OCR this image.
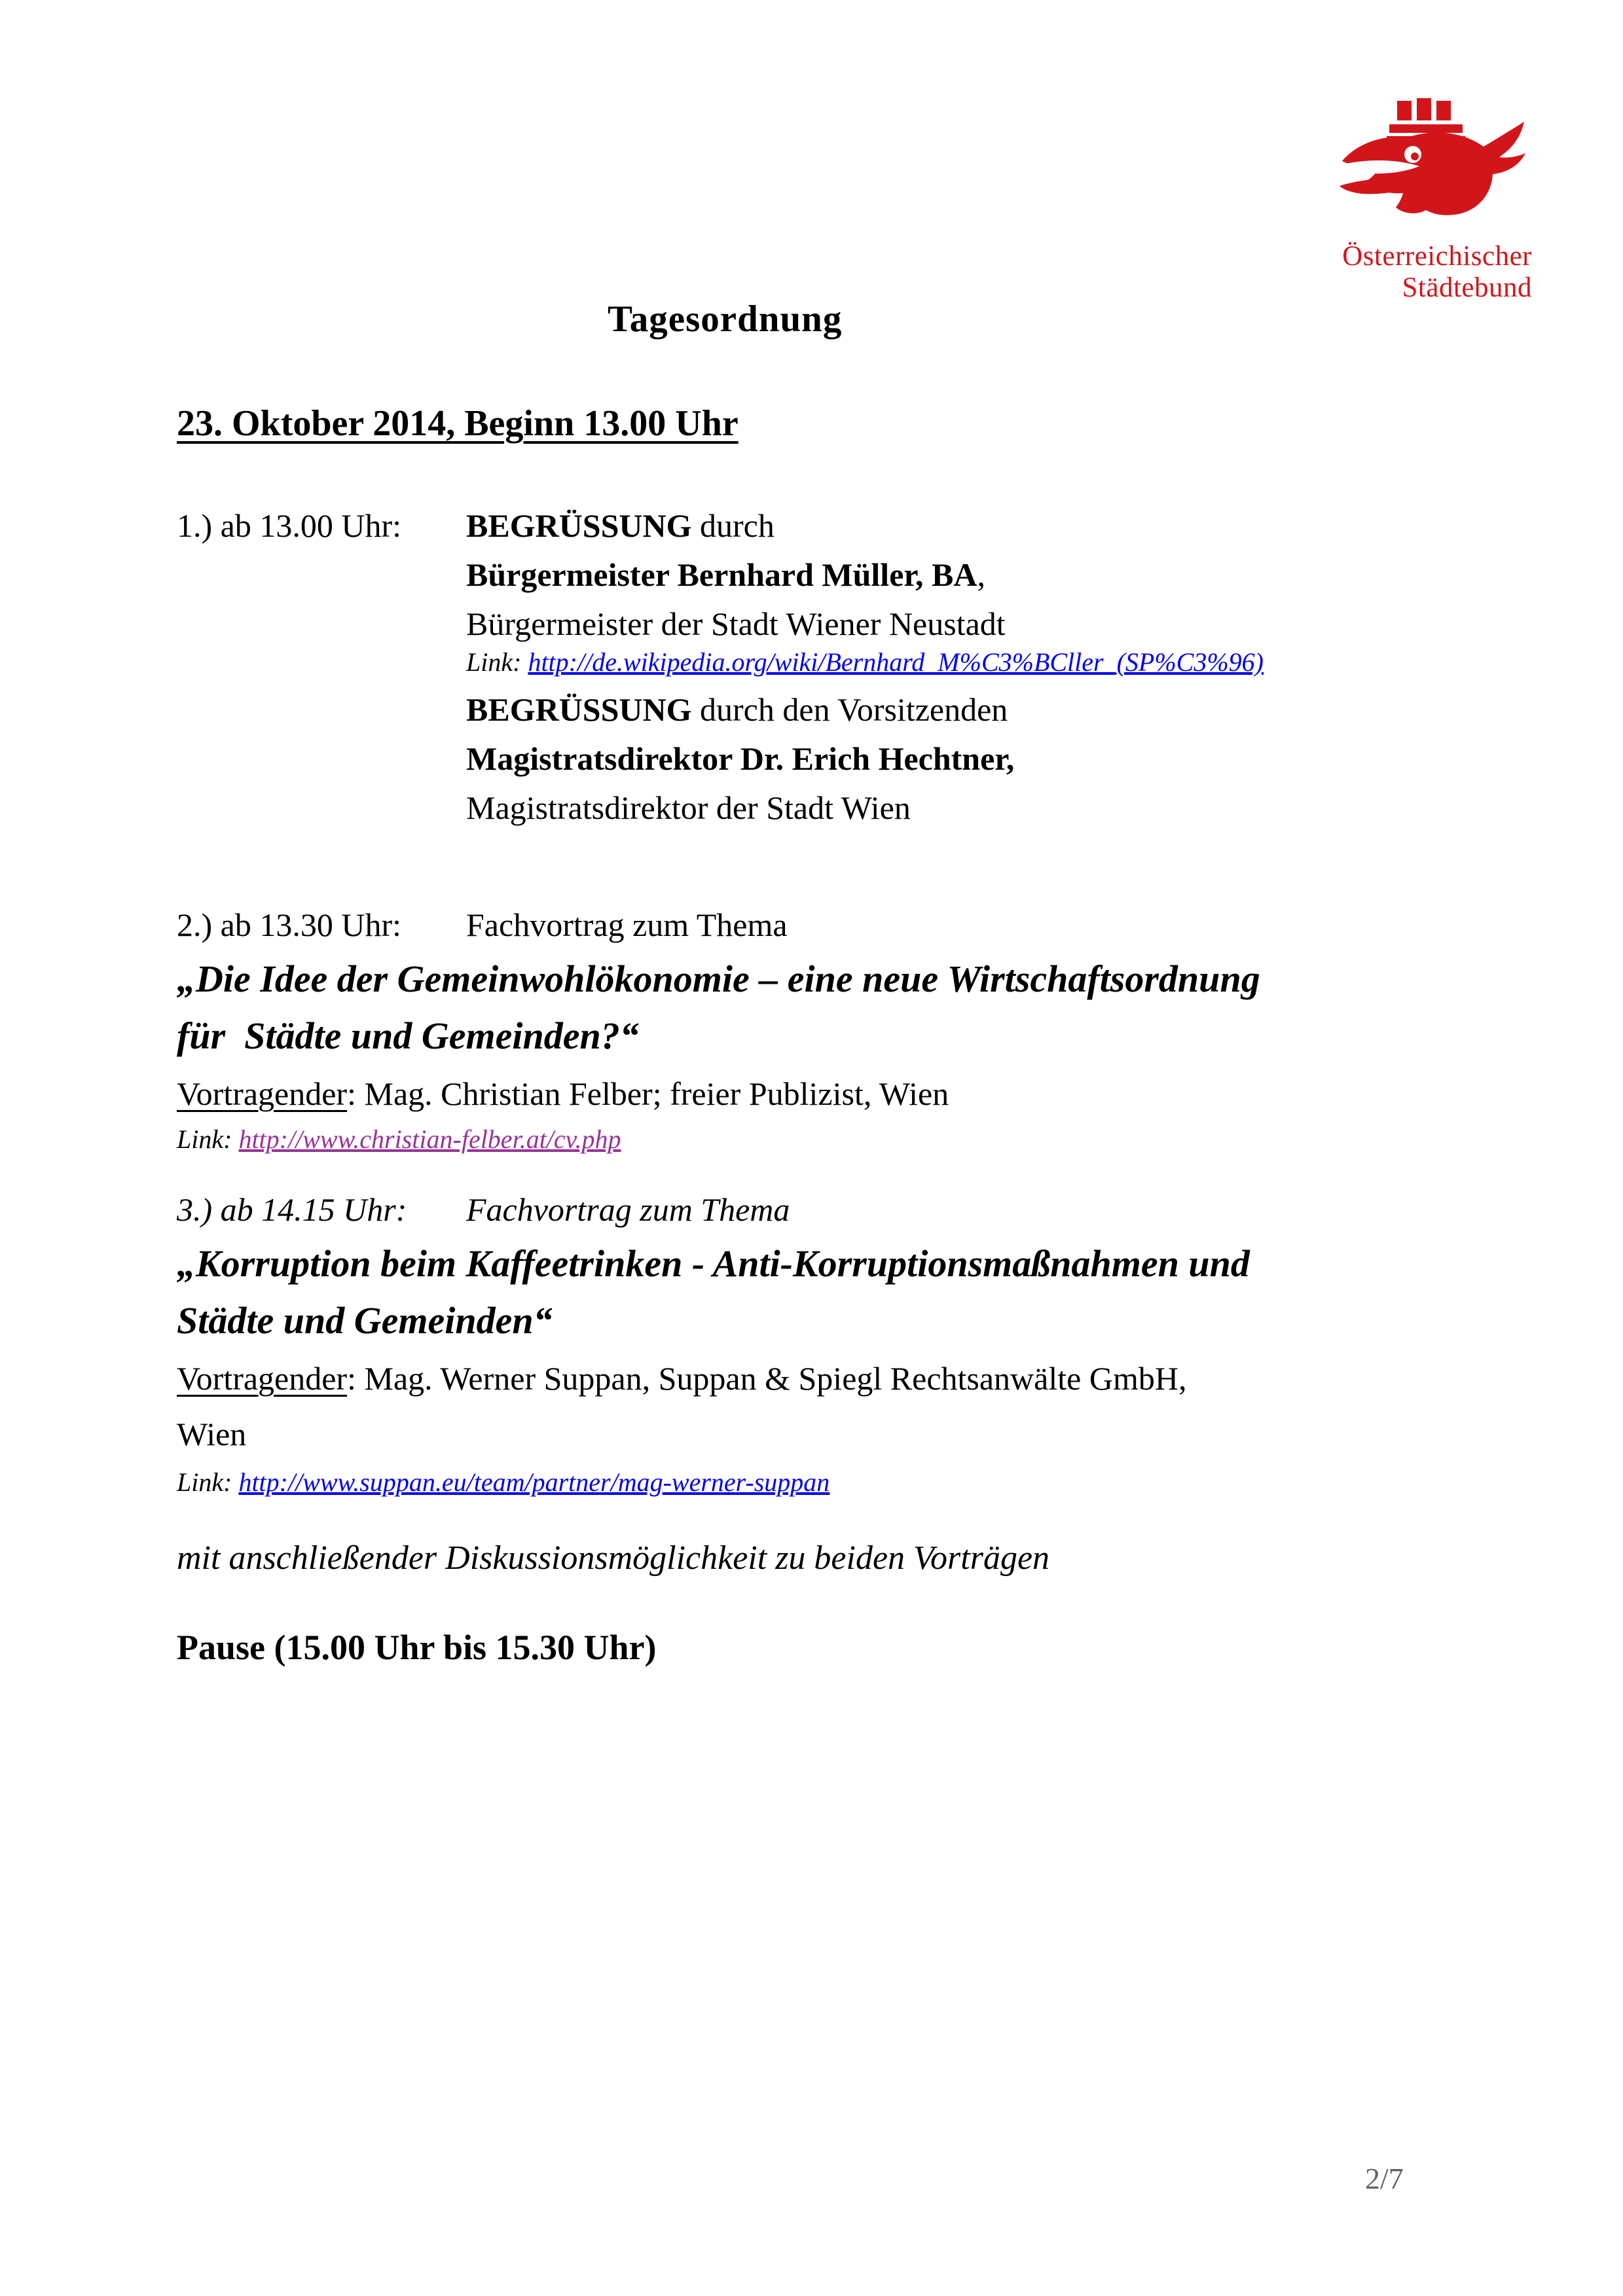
Österreichischer
Städtebund
Tagesordnung
23. Oktober 2014, Beginn 13.00 Uhr
1.) ab 13.00 Uhr:	BEGRÜSSUNG durch

Bürgermeister Bernhard Müller, BA,

Bürgermeister der Stadt Wiener Neustadt

Link: http://de.wikipedia.org/wiki/Bernhard_M%C3%BCller_(SP%C3%96)

BEGRÜSSUNG durch den Vorsitzenden

Magistratsdirektor Dr. Erich Hechtner,

Magistratsdirektor der Stadt Wien

2.) ab 13.30 Uhr:	Fachvortrag zum Thema

„Die Idee der Gemeinwohlökonomie – eine neue Wirtschaftsordnung

für  Städte und Gemeinden?“

Vortragender: Mag. Christian Felber; freier Publizist, Wien

Link: http://www.christian-felber.at/cv.php

3.) ab 14.15 Uhr:	Fachvortrag zum Thema

„Korruption beim Kaffeetrinken - Anti-Korruptionsmaßnahmen und

Städte und Gemeinden“

Vortragender: Mag. Werner Suppan, Suppan & Spiegl Rechtsanwälte GmbH,

Wien

Link: http://www.suppan.eu/team/partner/mag-werner-suppan

mit anschließender Diskussionsmöglichkeit zu beiden Vorträgen

Pause (15.00 Uhr bis 15.30 Uhr)

2/7
